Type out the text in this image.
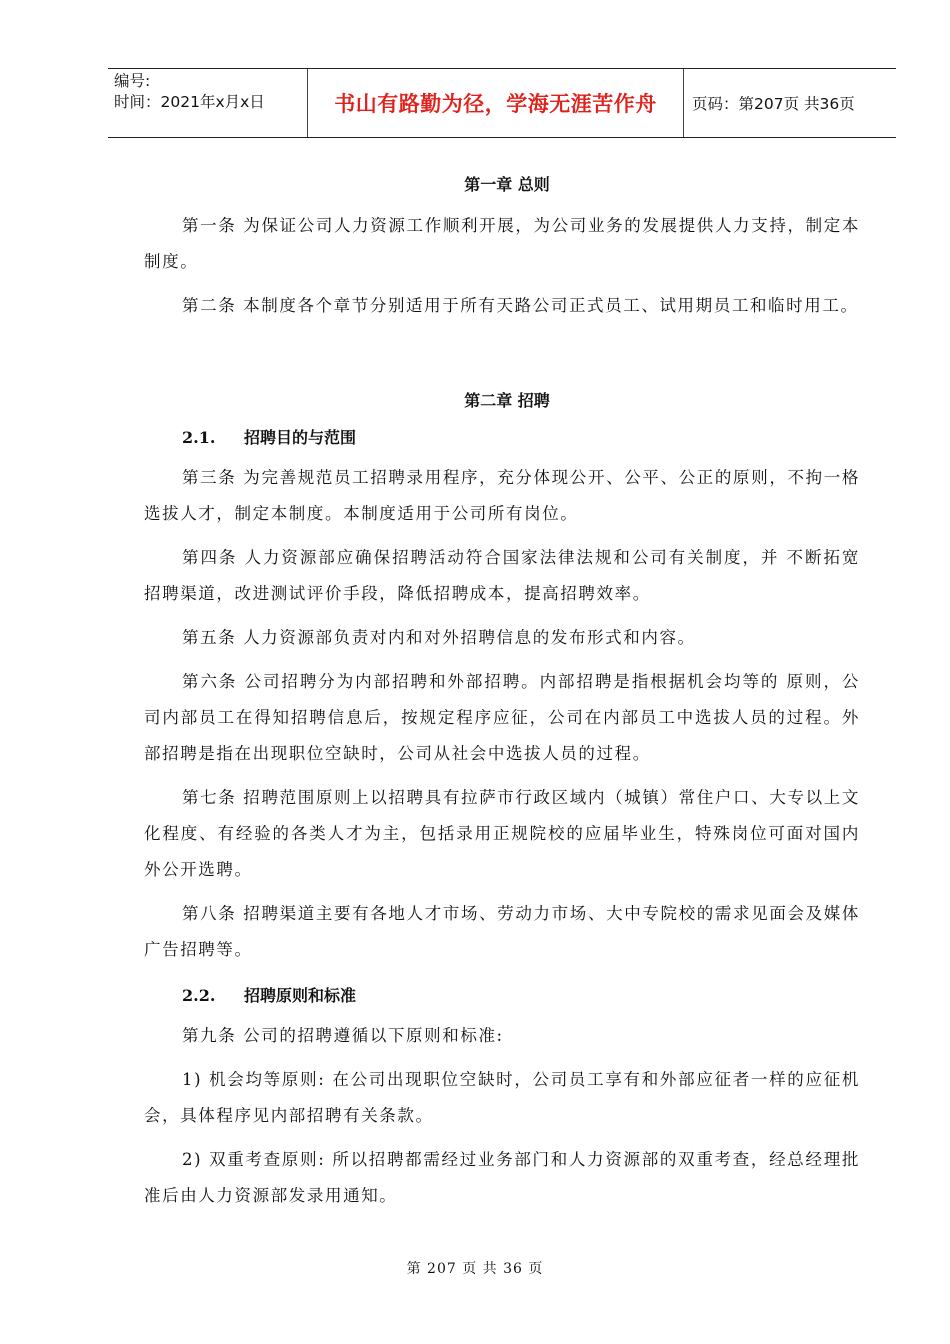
编号:
时间：2021年x月x日	书山有路勤为径，学海无涯苦作舟	页码：第207页 共36页
第一章 总则

第一条 为保证公司人力资源工作顺利开展，为公司业务的发展提供人力支持，制定本制度。

第二条 本制度各个章节分别适用于所有天路公司正式员工、试用期员工和临时用工。

第二章 招聘
2.1. 招聘目的与范围

第三条 为完善规范员工招聘录用程序，充分体现公开、公平、公正的原则，不拘一格选拔人才，制定本制度。本制度适用于公司所有岗位。

第四条 人力资源部应确保招聘活动符合国家法律法规和公司有关制度，并 不断拓宽招聘渠道，改进测试评价手段，降低招聘成本，提高招聘效率。

第五条 人力资源部负责对内和对外招聘信息的发布形式和内容。

第六条 公司招聘分为内部招聘和外部招聘。内部招聘是指根据机会均等的 原则，公司内部员工在得知招聘信息后，按规定程序应征，公司在内部员工中选拔人员的过程。外部招聘是指在出现职位空缺时，公司从社会中选拔人员的过程。

第七条 招聘范围原则上以招聘具有拉萨市行政区域内（城镇）常住户口、大专以上文化程度、有经验的各类人才为主，包括录用正规院校的应届毕业生，特殊岗位可面对国内外公开选聘。

第八条 招聘渠道主要有各地人才市场、劳动力市场、大中专院校的需求见面会及媒体广告招聘等。

2.2. 招聘原则和标准

第九条 公司的招聘遵循以下原则和标准:

1) 机会均等原则: 在公司出现职位空缺时，公司员工享有和外部应征者一样的应征机会，具体程序见内部招聘有关条款。

2) 双重考查原则: 所以招聘都需经过业务部门和人力资源部的双重考查，经总经理批准后由人力资源部发录用通知。

第 207 页 共 36 页
